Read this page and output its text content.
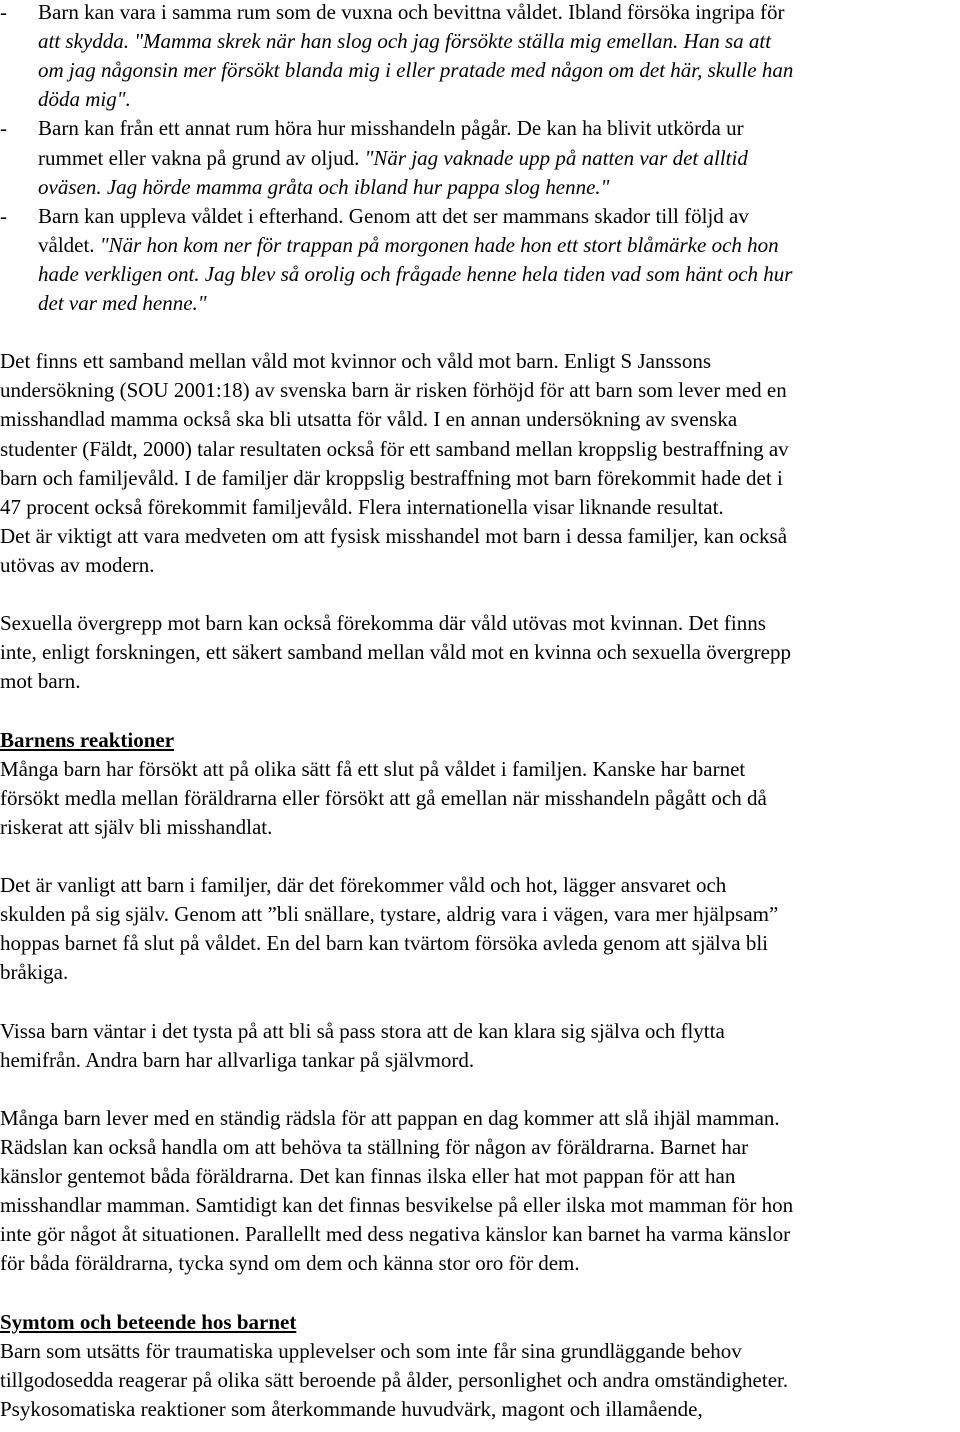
-	Barn kan vara i samma rum som de vuxna och bevittna våldet. Ibland försöka ingripa för
att skydda. "Mamma skrek när han slog och jag försökte ställa mig emellan. Han sa att
om jag någonsin mer försökt blanda mig i eller pratade med någon om det här, skulle han
döda mig".
-	Barn kan från ett annat rum höra hur misshandeln pågår. De kan ha blivit utkörda ur
rummet eller vakna på grund av oljud. "När jag vaknade upp på natten var det alltid
oväsen. Jag hörde mamma gråta och ibland hur pappa slog henne."
-	Barn kan uppleva våldet i efterhand. Genom att det ser mammans skador till följd av
våldet. "När hon kom ner för trappan på morgonen hade hon ett stort blåmärke och hon
hade verkligen ont. Jag blev så orolig och frågade henne hela tiden vad som hänt och hur
det var med henne."
Det finns ett samband mellan våld mot kvinnor och våld mot barn. Enligt S Janssons
undersökning (SOU 2001:18) av svenska barn är risken förhöjd för att barn som lever med en
misshandlad mamma också ska bli utsatta för våld. I en annan undersökning av svenska
studenter (Fäldt, 2000) talar resultaten också för ett samband mellan kroppslig bestraffning av
barn och familjevåld. I de familjer där kroppslig bestraffning mot barn förekommit hade det i
47 procent också förekommit familjevåld. Flera internationella visar liknande resultat.
Det är viktigt att vara medveten om att fysisk misshandel mot barn i dessa familjer, kan också
utövas av modern.
Sexuella övergrepp mot barn kan också förekomma där våld utövas mot kvinnan. Det finns
inte, enligt forskningen, ett säkert samband mellan våld mot en kvinna och sexuella övergrepp
mot barn.
Barnens reaktioner
Många barn har försökt att på olika sätt få ett slut på våldet i familjen. Kanske har barnet
försökt medla mellan föräldrarna eller försökt att gå emellan när misshandeln pågått och då
riskerat att själv bli misshandlat.
Det är vanligt att barn i familjer, där det förekommer våld och hot, lägger ansvaret och
skulden på sig själv. Genom att ”bli snällare, tystare, aldrig vara i vägen, vara mer hjälpsam”
hoppas barnet få slut på våldet. En del barn kan tvärtom försöka avleda genom att själva bli
bråkiga.
Vissa barn väntar i det tysta på att bli så pass stora att de kan klara sig själva och flytta
hemifrån. Andra barn har allvarliga tankar på självmord.
Många barn lever med en ständig rädsla för att pappan en dag kommer att slå ihjäl mamman.
Rädslan kan också handla om att behöva ta ställning för någon av föräldrarna. Barnet har
känslor gentemot båda föräldrarna. Det kan finnas ilska eller hat mot pappan för att han
misshandlar mamman. Samtidigt kan det finnas besvikelse på eller ilska mot mamman för hon
inte gör något åt situationen. Parallellt med dess negativa känslor kan barnet ha varma känslor
för båda föräldrarna, tycka synd om dem och känna stor oro för dem.
Symtom och beteende hos barnet
Barn som utsätts för traumatiska upplevelser och som inte får sina grundläggande behov
tillgodosedda reagerar på olika sätt beroende på ålder, personlighet och andra omständigheter.
Psykosomatiska reaktioner som återkommande huvudvärk, magont och illamående,
